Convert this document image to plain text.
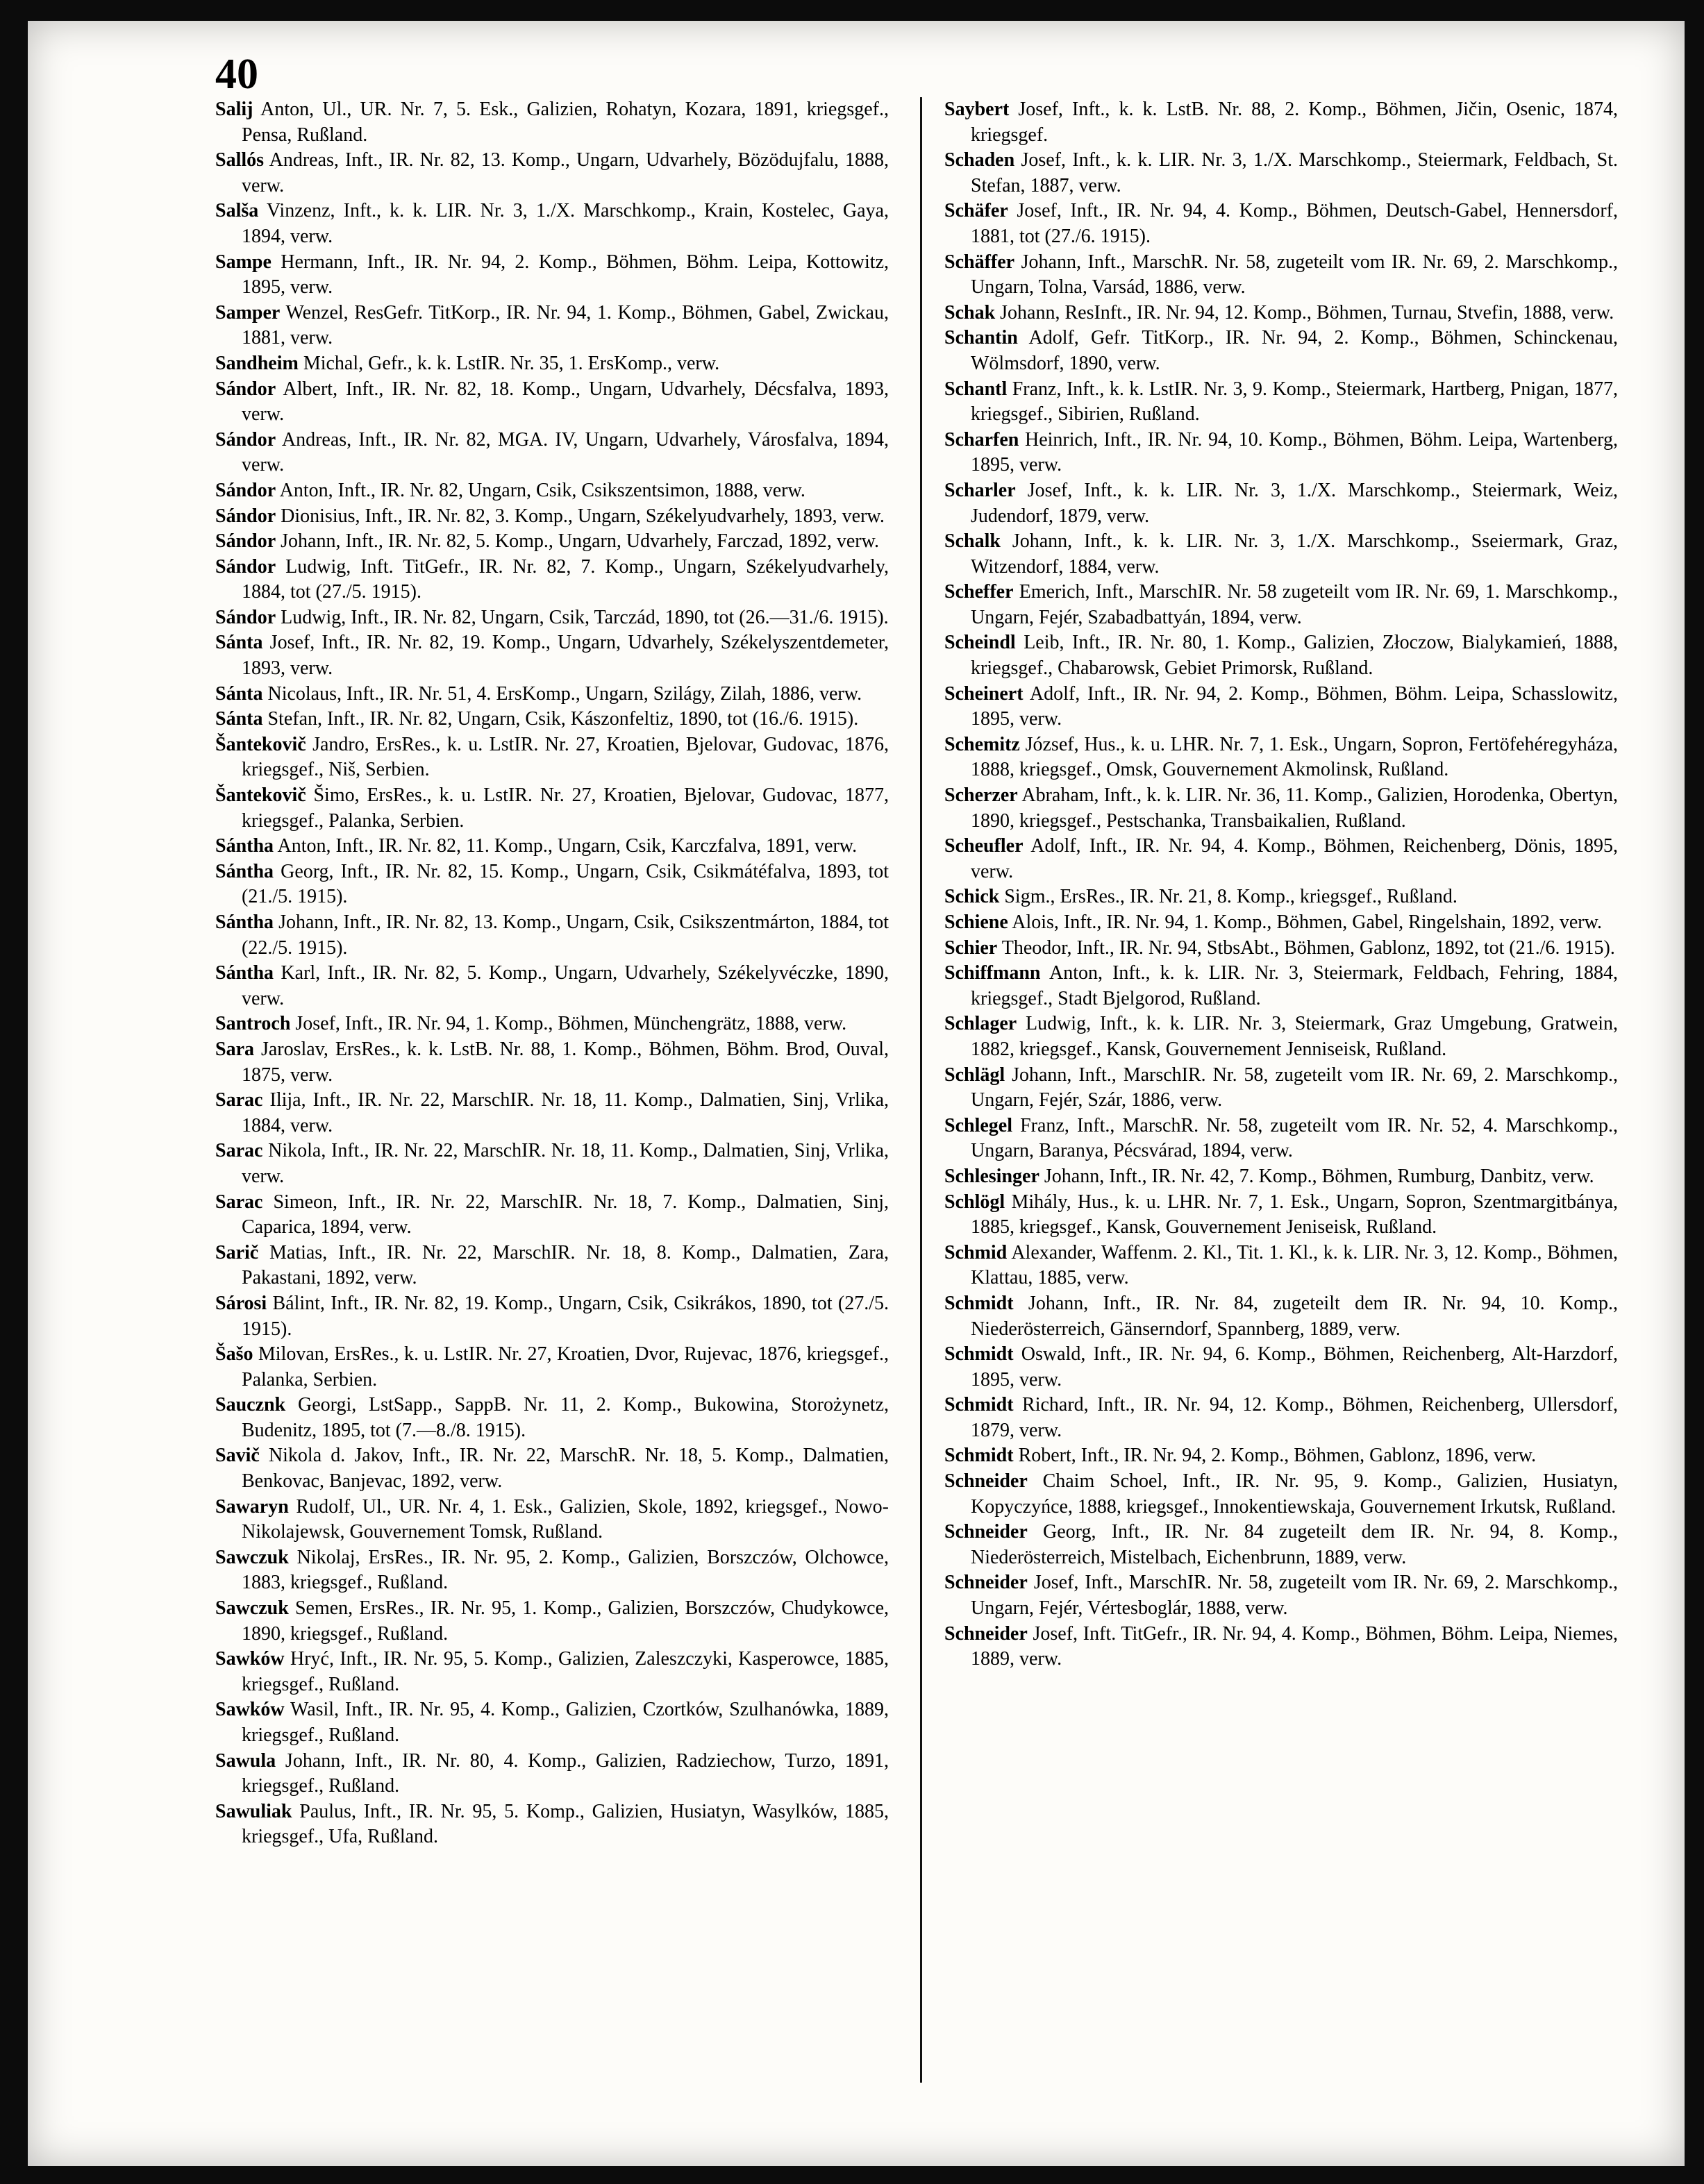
40

Salij Anton, Ul., UR. Nr. 7, 5. Esk., Galizien, Rohatyn, Kozara, 1891, kriegsgef., Pensa, Rußland.

Sallós Andreas, Inft., IR. Nr. 82, 13. Komp., Ungarn, Udvarhely, Bözödujfalu, 1888, verw.

Salša Vinzenz, Inft., k. k. LIR. Nr. 3, 1./X. Marschkomp., Krain, Kostelec, Gaya, 1894, verw.

Sampe Hermann, Inft., IR. Nr. 94, 2. Komp., Böhmen, Böhm. Leipa, Kottowitz, 1895, verw.

Samper Wenzel, ResGefr. TitKorp., IR. Nr. 94, 1. Komp., Böhmen, Gabel, Zwickau, 1881, verw.

Sandheim Michal, Gefr., k. k. LstIR. Nr. 35, 1. ErsKomp., verw.

Sándor Albert, Inft., IR. Nr. 82, 18. Komp., Ungarn, Udvarhely, Décsfalva, 1893, verw.

Sándor Andreas, Inft., IR. Nr. 82, MGA. IV, Ungarn, Udvarhely, Városfalva, 1894, verw.

Sándor Anton, Inft., IR. Nr. 82, Ungarn, Csik, Csikszentsimon, 1888, verw.

Sándor Dionisius, Inft., IR. Nr. 82, 3. Komp., Ungarn, Székelyudvarhely, 1893, verw.

Sándor Johann, Inft., IR. Nr. 82, 5. Komp., Ungarn, Udvarhely, Farczad, 1892, verw.

Sándor Ludwig, Inft. TitGefr., IR. Nr. 82, 7. Komp., Ungarn, Székelyudvarhely, 1884, tot (27./5. 1915).

Sándor Ludwig, Inft., IR. Nr. 82, Ungarn, Csik, Tarczád, 1890, tot (26.—31./6. 1915).

Sánta Josef, Inft., IR. Nr. 82, 19. Komp., Ungarn, Udvarhely, Székelyszentdemeter, 1893, verw.

Sánta Nicolaus, Inft., IR. Nr. 51, 4. ErsKomp., Ungarn, Szilágy, Zilah, 1886, verw.

Sánta Stefan, Inft., IR. Nr. 82, Ungarn, Csik, Kászonfeltiz, 1890, tot (16./6. 1915).

Šantekovič Jandro, ErsRes., k. u. LstIR. Nr. 27, Kroatien, Bjelovar, Gudovac, 1876, kriegsgef., Niš, Serbien.

Šantekovič Šimo, ErsRes., k. u. LstIR. Nr. 27, Kroatien, Bjelovar, Gudovac, 1877, kriegsgef., Palanka, Serbien.

Sántha Anton, Inft., IR. Nr. 82, 11. Komp., Ungarn, Csik, Karczfalva, 1891, verw.

Sántha Georg, Inft., IR. Nr. 82, 15. Komp., Ungarn, Csik, Csikmátéfalva, 1893, tot (21./5. 1915).

Sántha Johann, Inft., IR. Nr. 82, 13. Komp., Ungarn, Csik, Csikszentmárton, 1884, tot (22./5. 1915).

Sántha Karl, Inft., IR. Nr. 82, 5. Komp., Ungarn, Udvarhely, Székelyvéczke, 1890, verw.

Santroch Josef, Inft., IR. Nr. 94, 1. Komp., Böhmen, Münchengrätz, 1888, verw.

Sara Jaroslav, ErsRes., k. k. LstB. Nr. 88, 1. Komp., Böhmen, Böhm. Brod, Ouval, 1875, verw.

Sarac Ilija, Inft., IR. Nr. 22, MarschIR. Nr. 18, 11. Komp., Dalmatien, Sinj, Vrlika, 1884, verw.

Sarac Nikola, Inft., IR. Nr. 22, MarschIR. Nr. 18, 11. Komp., Dalmatien, Sinj, Vrlika, verw.

Sarac Simeon, Inft., IR. Nr. 22, MarschIR. Nr. 18, 7. Komp., Dalmatien, Sinj, Caparica, 1894, verw.

Sarič Matias, Inft., IR. Nr. 22, MarschIR. Nr. 18, 8. Komp., Dalmatien, Zara, Pakastani, 1892, verw.

Sárosi Bálint, Inft., IR. Nr. 82, 19. Komp., Ungarn, Csik, Csikrákos, 1890, tot (27./5. 1915).

Šašo Milovan, ErsRes., k. u. LstIR. Nr. 27, Kroatien, Dvor, Rujevac, 1876, kriegsgef., Palanka, Serbien.

Saucznk Georgi, LstSapp., SappB. Nr. 11, 2. Komp., Bukowina, Storożynetz, Budenitz, 1895, tot (7.—8./8. 1915).

Savič Nikola d. Jakov, Inft., IR. Nr. 22, MarschR. Nr. 18, 5. Komp., Dalmatien, Benkovac, Banjevac, 1892, verw.

Sawaryn Rudolf, Ul., UR. Nr. 4, 1. Esk., Galizien, Skole, 1892, kriegsgef., Nowo-Nikolajewsk, Gouvernement Tomsk, Rußland.

Sawczuk Nikolaj, ErsRes., IR. Nr. 95, 2. Komp., Galizien, Borszczów, Olchowce, 1883, kriegsgef., Rußland.

Sawczuk Semen, ErsRes., IR. Nr. 95, 1. Komp., Galizien, Borszczów, Chudykowce, 1890, kriegsgef., Rußland.

Sawków Hryć, Inft., IR. Nr. 95, 5. Komp., Galizien, Zaleszczyki, Kasperowce, 1885, kriegsgef., Rußland.

Sawków Wasil, Inft., IR. Nr. 95, 4. Komp., Galizien, Czortków, Szulhanówka, 1889, kriegsgef., Rußland.

Sawula Johann, Inft., IR. Nr. 80, 4. Komp., Galizien, Radziechow, Turzo, 1891, kriegsgef., Rußland.

Sawuliak Paulus, Inft., IR. Nr. 95, 5. Komp., Galizien, Husiatyn, Wasylków, 1885, kriegsgef., Ufa, Rußland.

Saybert Josef, Inft., k. k. LstB. Nr. 88, 2. Komp., Böhmen, Jičin, Osenic, 1874, kriegsgef.

Schaden Josef, Inft., k. k. LIR. Nr. 3, 1./X. Marschkomp., Steiermark, Feldbach, St. Stefan, 1887, verw.

Schäfer Josef, Inft., IR. Nr. 94, 4. Komp., Böhmen, Deutsch-Gabel, Hennersdorf, 1881, tot (27./6. 1915).

Schäffer Johann, Inft., MarschR. Nr. 58, zugeteilt vom IR. Nr. 69, 2. Marschkomp., Ungarn, Tolna, Varsád, 1886, verw.

Schak Johann, ResInft., IR. Nr. 94, 12. Komp., Böhmen, Turnau, Stvefin, 1888, verw.

Schantin Adolf, Gefr. TitKorp., IR. Nr. 94, 2. Komp., Böhmen, Schinckenau, Wölmsdorf, 1890, verw.

Schantl Franz, Inft., k. k. LstIR. Nr. 3, 9. Komp., Steiermark, Hartberg, Pnigan, 1877, kriegsgef., Sibirien, Rußland.

Scharfen Heinrich, Inft., IR. Nr. 94, 10. Komp., Böhmen, Böhm. Leipa, Wartenberg, 1895, verw.

Scharler Josef, Inft., k. k. LIR. Nr. 3, 1./X. Marschkomp., Steiermark, Weiz, Judendorf, 1879, verw.

Schalk Johann, Inft., k. k. LIR. Nr. 3, 1./X. Marschkomp., Sseiermark, Graz, Witzendorf, 1884, verw.

Scheffer Emerich, Inft., MarschIR. Nr. 58 zugeteilt vom IR. Nr. 69, 1. Marschkomp., Ungarn, Fejér, Szabadbattyán, 1894, verw.

Scheindl Leib, Inft., IR. Nr. 80, 1. Komp., Galizien, Złoczow, Bialykamień, 1888, kriegsgef., Chabarowsk, Gebiet Primorsk, Rußland.

Scheinert Adolf, Inft., IR. Nr. 94, 2. Komp., Böhmen, Böhm. Leipa, Schasslowitz, 1895, verw.

Schemitz József, Hus., k. u. LHR. Nr. 7, 1. Esk., Ungarn, Sopron, Fertöfehéregyháza, 1888, kriegsgef., Omsk, Gouvernement Akmolinsk, Rußland.

Scherzer Abraham, Inft., k. k. LIR. Nr. 36, 11. Komp., Galizien, Horodenka, Obertyn, 1890, kriegsgef., Pestschanka, Transbaikalien, Rußland.

Scheufler Adolf, Inft., IR. Nr. 94, 4. Komp., Böhmen, Reichenberg, Dönis, 1895, verw.

Schick Sigm., ErsRes., IR. Nr. 21, 8. Komp., kriegsgef., Rußland.

Schiene Alois, Inft., IR. Nr. 94, 1. Komp., Böhmen, Gabel, Ringelshain, 1892, verw.

Schier Theodor, Inft., IR. Nr. 94, StbsAbt., Böhmen, Gablonz, 1892, tot (21./6. 1915).

Schiffmann Anton, Inft., k. k. LIR. Nr. 3, Steiermark, Feldbach, Fehring, 1884, kriegsgef., Stadt Bjelgorod, Rußland.

Schlager Ludwig, Inft., k. k. LIR. Nr. 3, Steiermark, Graz Umgebung, Gratwein, 1882, kriegsgef., Kansk, Gouvernement Jenniseisk, Rußland.

Schlägl Johann, Inft., MarschIR. Nr. 58, zugeteilt vom IR. Nr. 69, 2. Marschkomp., Ungarn, Fejér, Szár, 1886, verw.

Schlegel Franz, Inft., MarschR. Nr. 58, zugeteilt vom IR. Nr. 52, 4. Marschkomp., Ungarn, Baranya, Pécsvárad, 1894, verw.

Schlesinger Johann, Inft., IR. Nr. 42, 7. Komp., Böhmen, Rumburg, Danbitz, verw.

Schlögl Mihály, Hus., k. u. LHR. Nr. 7, 1. Esk., Ungarn, Sopron, Szentmargitbánya, 1885, kriegsgef., Kansk, Gouvernement Jeniseisk, Rußland.

Schmid Alexander, Waffenm. 2. Kl., Tit. 1. Kl., k. k. LIR. Nr. 3, 12. Komp., Böhmen, Klattau, 1885, verw.

Schmidt Johann, Inft., IR. Nr. 84, zugeteilt dem IR. Nr. 94, 10. Komp., Niederösterreich, Gänserndorf, Spannberg, 1889, verw.

Schmidt Oswald, Inft., IR. Nr. 94, 6. Komp., Böhmen, Reichenberg, Alt-Harzdorf, 1895, verw.

Schmidt Richard, Inft., IR. Nr. 94, 12. Komp., Böhmen, Reichenberg, Ullersdorf, 1879, verw.

Schmidt Robert, Inft., IR. Nr. 94, 2. Komp., Böhmen, Gablonz, 1896, verw.

Schneider Chaim Schoel, Inft., IR. Nr. 95, 9. Komp., Galizien, Husiatyn, Kopyczyńce, 1888, kriegsgef., Innokentiewskaja, Gouvernement Irkutsk, Rußland.

Schneider Georg, Inft., IR. Nr. 84 zugeteilt dem IR. Nr. 94, 8. Komp., Niederösterreich, Mistelbach, Eichenbrunn, 1889, verw.

Schneider Josef, Inft., MarschIR. Nr. 58, zugeteilt vom IR. Nr. 69, 2. Marschkomp., Ungarn, Fejér, Vértesboglár, 1888, verw.

Schneider Josef, Inft. TitGefr., IR. Nr. 94, 4. Komp., Böhmen, Böhm. Leipa, Niemes, 1889, verw.
